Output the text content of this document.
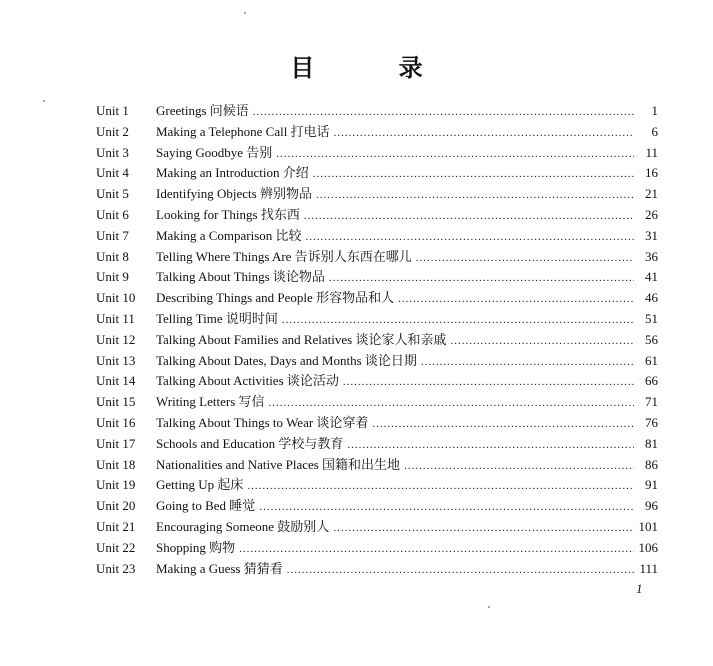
目 录
Unit 1	Greetings 问候语 .....	1
Unit 2	Making a Telephone Call 打电话 .....	6
Unit 3	Saying Goodbye 告别 .....	11
Unit 4	Making an Introduction 介绍 .....	16
Unit 5	Identifying Objects 辨别物品 .....	21
Unit 6	Looking for Things 找东西 .....	26
Unit 7	Making a Comparison 比较 .....	31
Unit 8	Telling Where Things Are 告诉别人东西在哪儿 .....	36
Unit 9	Talking About Things 谈论物品 .....	41
Unit 10	Describing Things and People 形容物品和人 .....	46
Unit 11	Telling Time 说明时间 .....	51
Unit 12	Talking About Families and Relatives 谈论家人和亲戚 .....	56
Unit 13	Talking About Dates, Days and Months 谈论日期 .....	61
Unit 14	Talking About Activities 谈论活动 .....	66
Unit 15	Writing Letters 写信 .....	71
Unit 16	Talking About Things to Wear 谈论穿着 .....	76
Unit 17	Schools and Education 学校与教育 .....	81
Unit 18	Nationalities and Native Places 国籍和出生地 .....	86
Unit 19	Getting Up 起床 .....	91
Unit 20	Going to Bed 睡觉 .....	96
Unit 21	Encouraging Someone 鼓励别人 .....	101
Unit 22	Shopping 购物 .....	106
Unit 23	Making a Guess 猜猜看 .....	111
1
